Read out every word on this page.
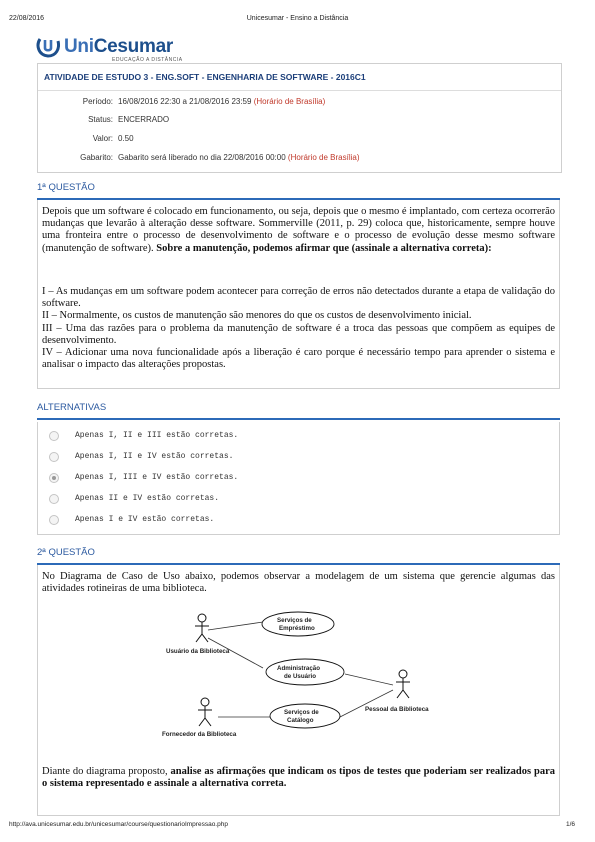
22/08/2016	Unicesumar - Ensino a Distância
UniCesumar
EDUCAÇÃO A DISTÂNCIA
ATIVIDADE DE ESTUDO 3 - ENG.SOFT - ENGENHARIA DE SOFTWARE - 2016C1
Período: 16/08/2016 22:30 a 21/08/2016 23:59 (Horário de Brasília)
Status: ENCERRADO
Valor: 0.50
Gabarito: Gabarito será liberado no dia 22/08/2016 00:00 (Horário de Brasília)
1ª QUESTÃO
Depois que um software é colocado em funcionamento, ou seja, depois que o mesmo é implantado, com certeza ocorrerão mudanças que levarão à alteração desse software. Sommerville (2011, p. 29) coloca que, historicamente, sempre houve uma fronteira entre o processo de desenvolvimento de software e o processo de evolução desse mesmo software (manutenção de software). Sobre a manutenção, podemos afirmar que (assinale a alternativa correta):
I – As mudanças em um software podem acontecer para correção de erros não detectados durante a etapa de validação do software.
II – Normalmente, os custos de manutenção são menores do que os custos de desenvolvimento inicial.
III – Uma das razões para o problema da manutenção de software é a troca das pessoas que compõem as equipes de desenvolvimento.
IV – Adicionar uma nova funcionalidade após a liberação é caro porque é necessário tempo para aprender o sistema e analisar o impacto das alterações propostas.
ALTERNATIVAS
Apenas I, II e III estão corretas.
Apenas I, II e IV estão corretas.
Apenas I, III e IV estão corretas.
Apenas II e IV estão corretas.
Apenas I e IV estão corretas.
2ª QUESTÃO
No Diagrama de Caso de Uso abaixo, podemos observar a modelagem de um sistema que gerencie algumas das atividades rotineiras de uma biblioteca.
Diante do diagrama proposto, analise as afirmações que indicam os tipos de testes que poderiam ser realizados para o sistema representado e assinale a alternativa correta.
Usuário da Biblioteca
Fornecedor da Biblioteca
Pessoal da Biblioteca
Serviços de
Empréstimo
Administração
de Usuário
Serviços de
Catálogo
http://ava.unicesumar.edu.br/unicesumar/course/questionarioImpressao.php	1/6
